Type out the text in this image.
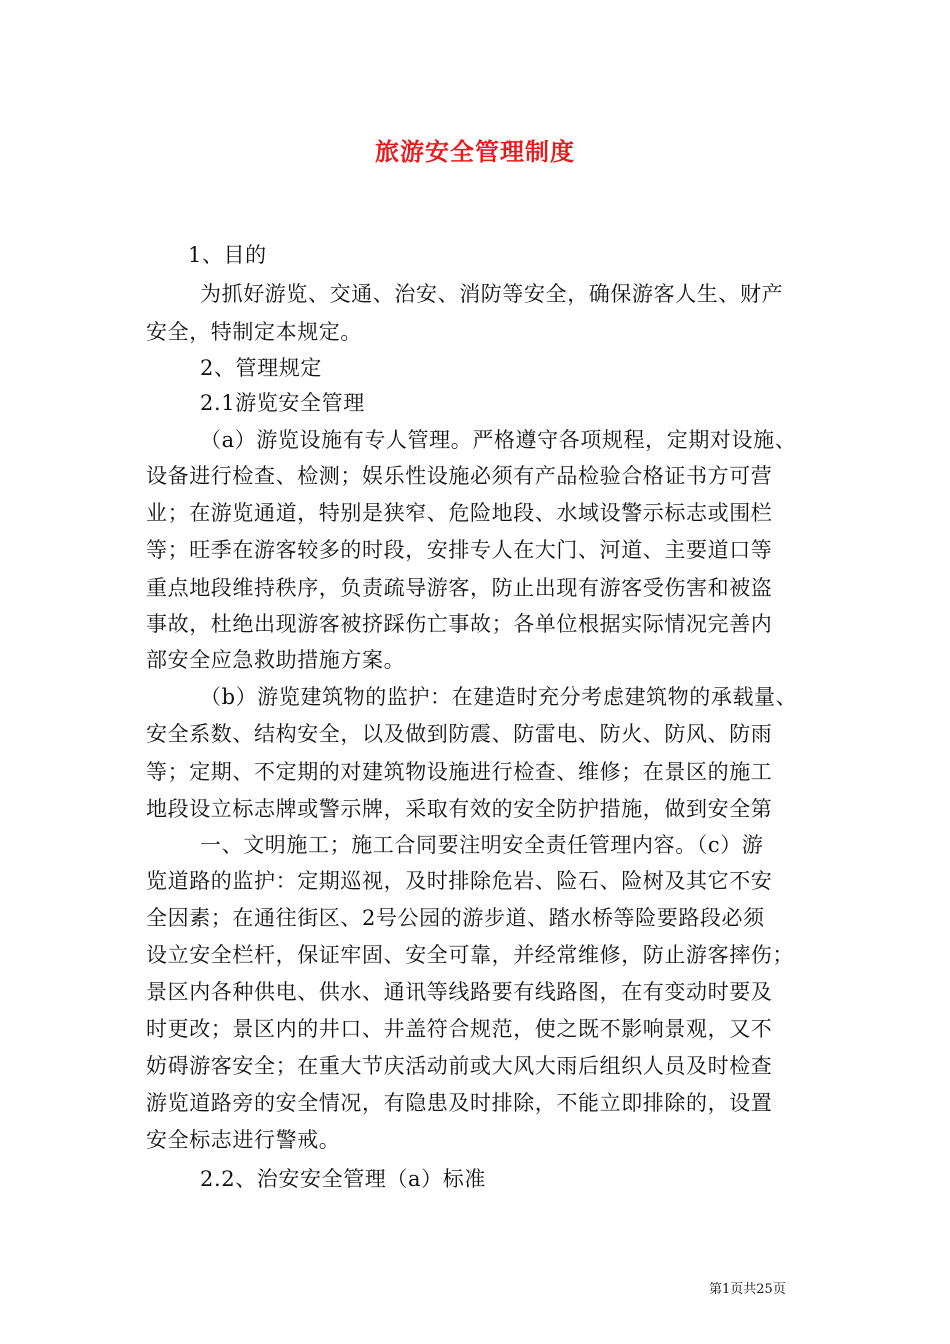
旅游安全管理制度
1、目的
为抓好游览、交通、治安、消防等安全，确保游客人生、财产
安全，特制定本规定。
2、管理规定
2.1游览安全管理
（a）游览设施有专人管理。严格遵守各项规程，定期对设施、
设备进行检查、检测；娱乐性设施必须有产品检验合格证书方可营
业；在游览通道，特别是狭窄、危险地段、水域设警示标志或围栏
等；旺季在游客较多的时段，安排专人在大门、河道、主要道口等
重点地段维持秩序，负责疏导游客，防止出现有游客受伤害和被盗
事故，杜绝出现游客被挤踩伤亡事故；各单位根据实际情况完善内
部安全应急救助措施方案。
（b）游览建筑物的监护：在建造时充分考虑建筑物的承载量、
安全系数、结构安全，以及做到防震、防雷电、防火、防风、防雨
等；定期、不定期的对建筑物设施进行检查、维修；在景区的施工
地段设立标志牌或警示牌，采取有效的安全防护措施，做到安全第
一、文明施工；施工合同要注明安全责任管理内容。（c）游
览道路的监护：定期巡视，及时排除危岩、险石、险树及其它不安
全因素；在通往街区、2号公园的游步道、踏水桥等险要路段必须
设立安全栏杆，保证牢固、安全可靠，并经常维修，防止游客摔伤；
景区内各种供电、供水、通讯等线路要有线路图，在有变动时要及
时更改；景区内的井口、井盖符合规范，使之既不影响景观，又不
妨碍游客安全；在重大节庆活动前或大风大雨后组织人员及时检查
游览道路旁的安全情况，有隐患及时排除，不能立即排除的，设置
安全标志进行警戒。
2.2、治安安全管理（a）标准
第1页共25页
